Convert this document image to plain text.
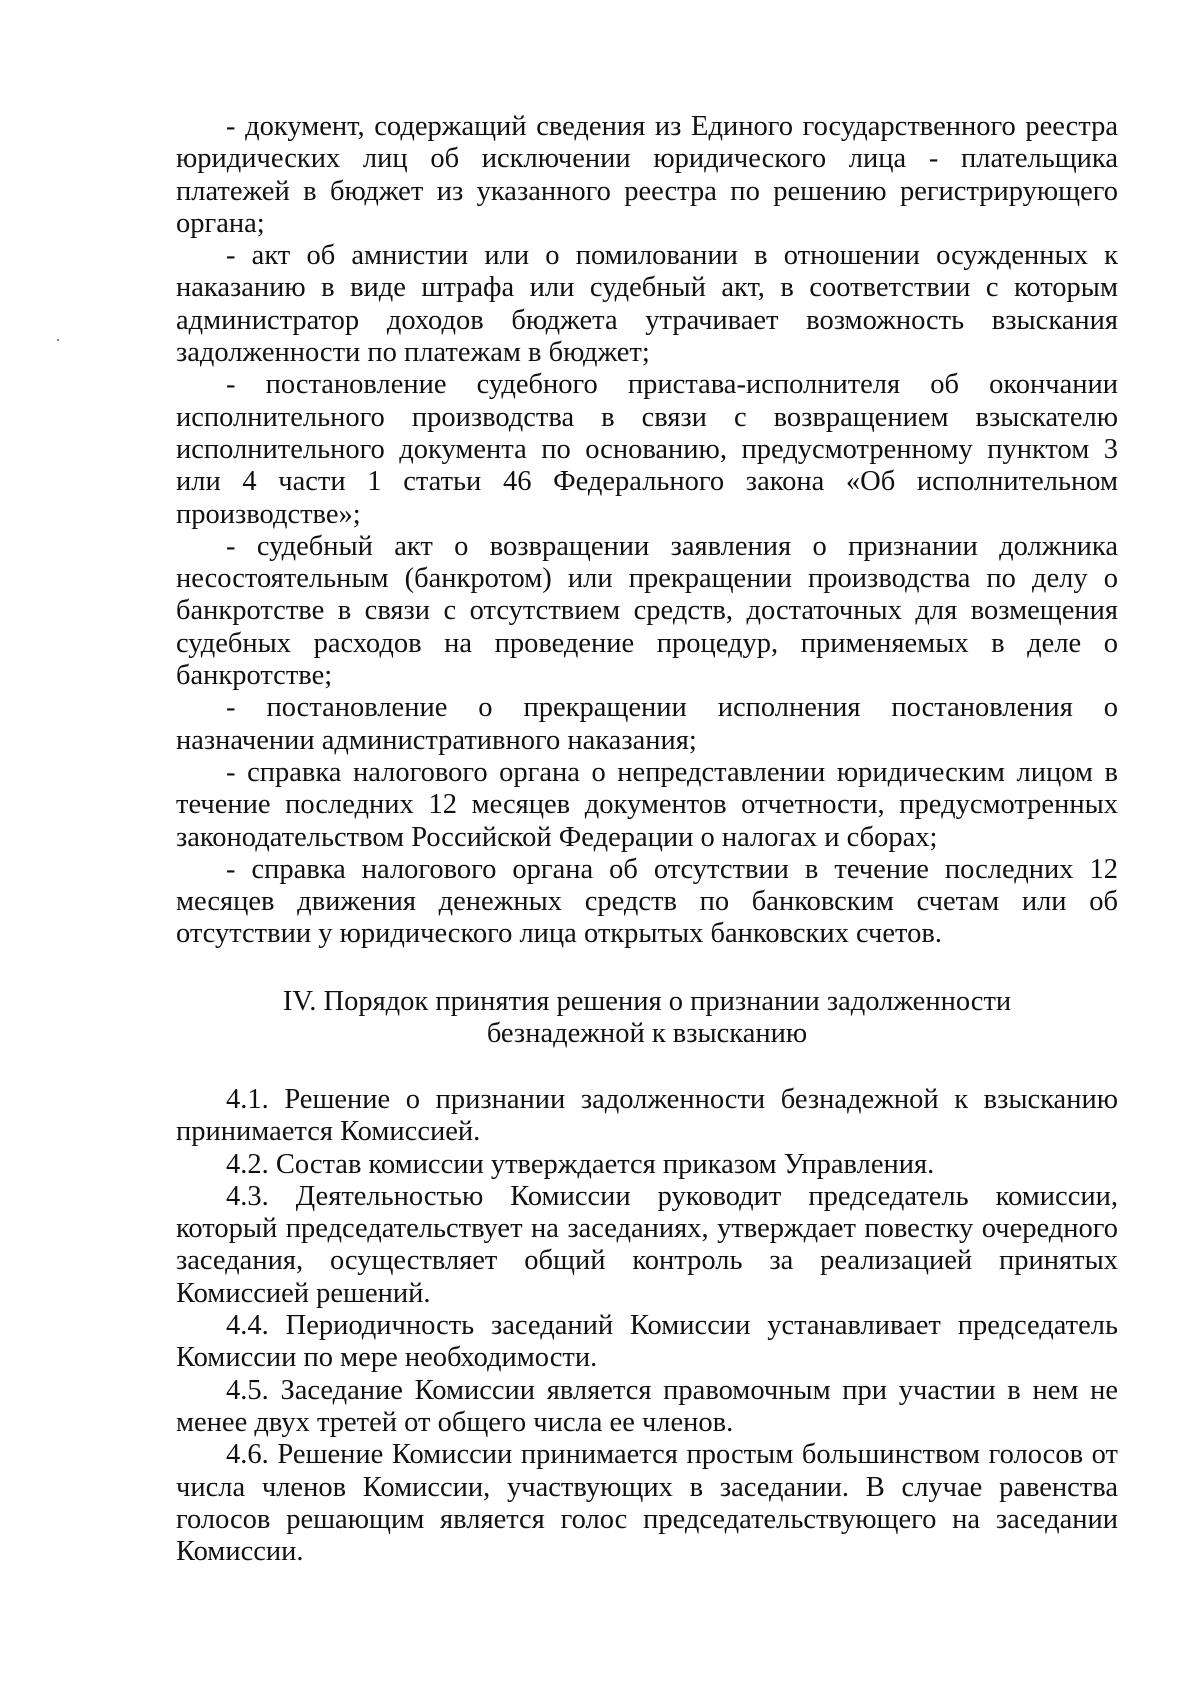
- документ, содержащий сведения из Единого государственного реестра юридических лиц об исключении юридического лица - плательщика платежей в бюджет из указанного реестра по решению регистрирующего органа;

- акт об амнистии или о помиловании в отношении осужденных к наказанию в виде штрафа или судебный акт, в соответствии с которым администратор доходов бюджета утрачивает возможность взыскания задолженности по платежам в бюджет;

- постановление судебного пристава-исполнителя об окончании исполнительного производства в связи с возвращением взыскателю исполнительного документа по основанию, предусмотренному пунктом 3 или 4 части 1 статьи 46 Федерального закона «Об исполнительном производстве»;

- судебный акт о возвращении заявления о признании должника несостоятельным (банкротом) или прекращении производства по делу о банкротстве в связи с отсутствием средств, достаточных для возмещения судебных расходов на проведение процедур, применяемых в деле о банкротстве;

- постановление о прекращении исполнения постановления о назначении административного наказания;

- справка налогового органа о непредставлении юридическим лицом в течение последних 12 месяцев документов отчетности, предусмотренных законодательством Российской Федерации о налогах и сборах;

- справка налогового органа об отсутствии в течение последних 12 месяцев движения денежных средств по банковским счетам или об отсутствии у юридического лица открытых банковских счетов.

IV. Порядок принятия решения о признании задолженности
безнадежной к взысканию

4.1. Решение о признании задолженности безнадежной к взысканию принимается Комиссией.

4.2. Состав комиссии утверждается приказом Управления.

4.3. Деятельностью Комиссии руководит председатель комиссии, который председательствует на заседаниях, утверждает повестку очередного заседания, осуществляет общий контроль за реализацией принятых Комиссией решений.

4.4. Периодичность заседаний Комиссии устанавливает председатель Комиссии по мере необходимости.

4.5. Заседание Комиссии является правомочным при участии в нем не менее двух третей от общего числа ее членов.

4.6. Решение Комиссии принимается простым большинством голосов от числа членов Комиссии, участвующих в заседании. В случае равенства голосов решающим является голос председательствующего на заседании Комиссии.
